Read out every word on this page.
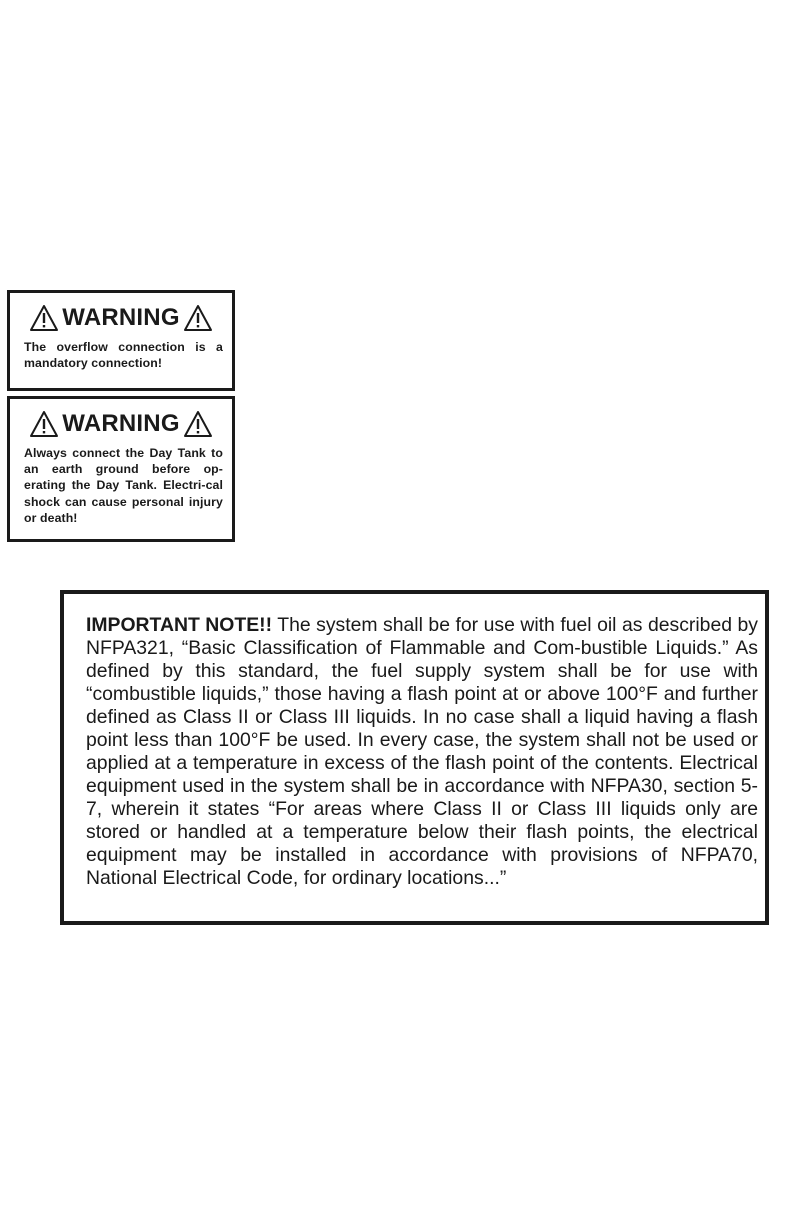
WARNING
The overflow connection is a mandatory connection!
WARNING
Always connect the Day Tank to an earth ground before op-erating the Day Tank. Electri-cal shock can cause personal injury or death!
IMPORTANT NOTE!! The system shall be for use with fuel oil as described by NFPA321, “Basic Classification of Flammable and Com-bustible Liquids.” As defined by this standard, the fuel supply system shall be for use with “combustible liquids,” those having a flash point at or above 100°F and further defined as Class II or Class III liquids. In no case shall a liquid having a flash point less than 100°F be used. In every case, the system shall not be used or applied at a temperature in excess of the flash point of the contents. Electrical equipment used in the system shall be in accordance with NFPA30, section 5-7, wherein it states “For areas where Class II or Class III liquids only are stored or handled at a temperature below their flash points, the electrical equipment may be installed in accordance with provisions of NFPA70, National Electrical Code, for ordinary locations...”
